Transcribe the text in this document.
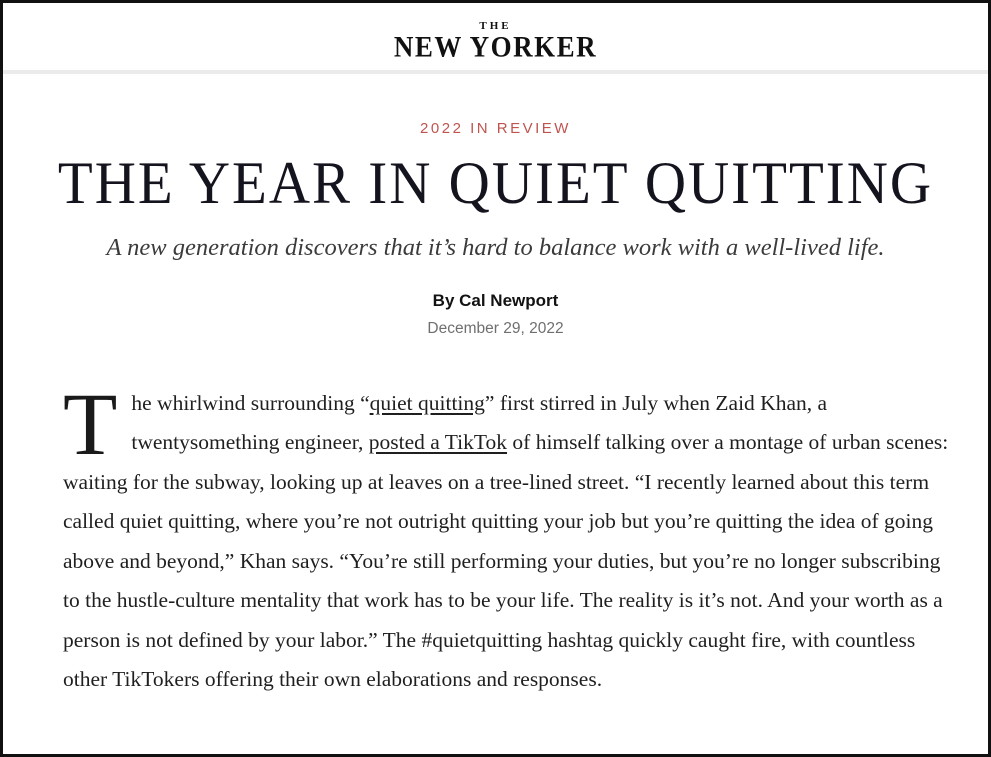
THE
NEW YORKER
2022 IN REVIEW
THE YEAR IN QUIET QUITTING
A new generation discovers that it’s hard to balance work with a well-lived life.
By Cal Newport
December 29, 2022

The whirlwind surrounding “quiet quitting” first stirred in July when Zaid Khan, a twentysomething engineer, posted a TikTok of himself talking over a montage of urban scenes: waiting for the subway, looking up at leaves on a tree-lined street. “I recently learned about this term called quiet quitting, where you’re not outright quitting your job but you’re quitting the idea of going above and beyond,” Khan says. “You’re still performing your duties, but you’re no longer subscribing to the hustle-culture mentality that work has to be your life. The reality is it’s not. And your worth as a person is not defined by your labor.” The #quietquitting hashtag quickly caught fire, with countless other TikTokers offering their own elaborations and responses.
